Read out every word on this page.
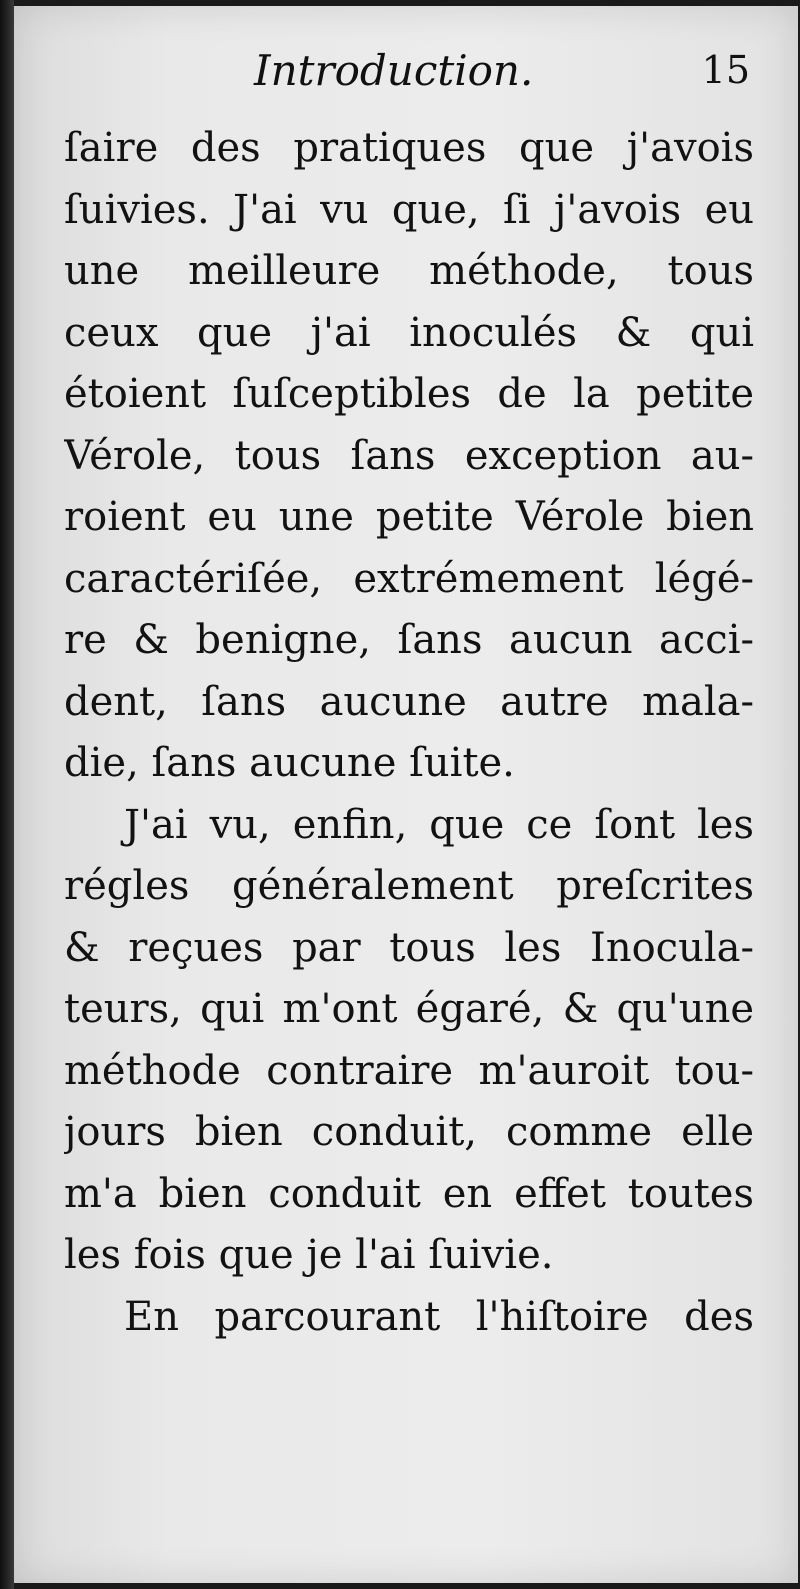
Introduction.	15
ſaire des pratiques que j'avois
ſuivies. J'ai vu que, ſi j'avois eu
une meilleure méthode, tous
ceux que j'ai inoculés & qui
étoient ſuſceptibles de la petite
Vérole, tous ſans exception au-
roient eu une petite Vérole bien
caractériſée, extrémement légé-
re & benigne, ſans aucun acci-
dent, ſans aucune autre mala-
die, ſans aucune ſuite.
J'ai vu, enfin, que ce ſont les
régles généralement preſcrites
& reçues par tous les Inocula-
teurs, qui m'ont égaré, & qu'une
méthode contraire m'auroit tou-
jours bien conduit, comme elle
m'a bien conduit en effet toutes
les fois que je l'ai ſuivie.
En parcourant l'hiſtoire des
